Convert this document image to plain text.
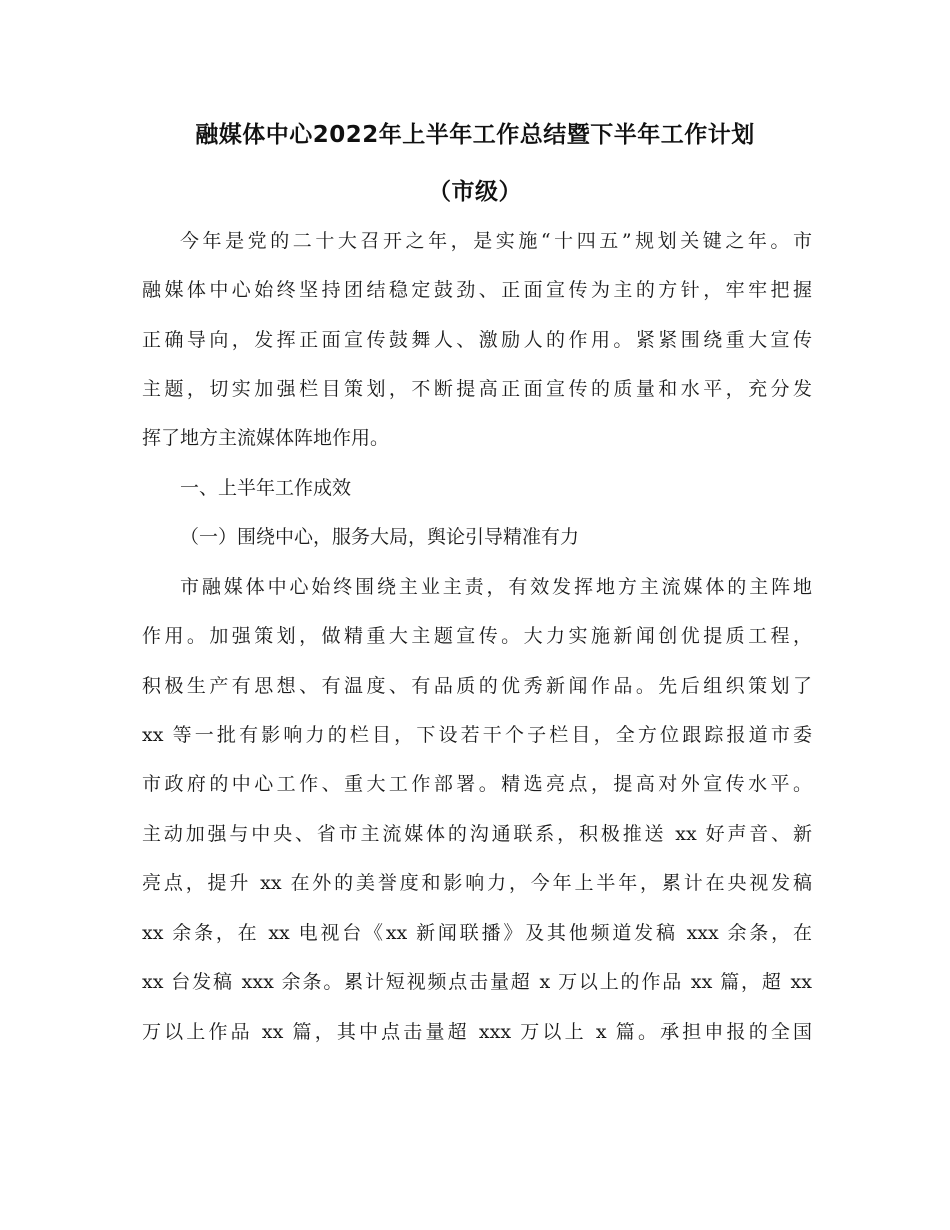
融媒体中心2022年上半年工作总结暨下半年工作计划
（市级）
今年是党的二十大召开之年，是实施“十四五”规划关键之年。市
融媒体中心始终坚持团结稳定鼓劲、正面宣传为主的方针，牢牢把握
正确导向，发挥正面宣传鼓舞人、激励人的作用。紧紧围绕重大宣传
主题，切实加强栏目策划，不断提高正面宣传的质量和水平，充分发
挥了地方主流媒体阵地作用。
一、上半年工作成效
（一）围绕中心，服务大局，舆论引导精准有力
市融媒体中心始终围绕主业主责，有效发挥地方主流媒体的主阵地
作用。加强策划，做精重大主题宣传。大力实施新闻创优提质工程，
积极生产有思想、有温度、有品质的优秀新闻作品。先后组织策划了
xx 等一批有影响力的栏目，下设若干个子栏目，全方位跟踪报道市委
市政府的中心工作、重大工作部署。精选亮点，提高对外宣传水平。
主动加强与中央、省市主流媒体的沟通联系，积极推送 xx 好声音、新
亮点，提升 xx 在外的美誉度和影响力，今年上半年，累计在央视发稿
xx 余条，在 xx 电视台《xx 新闻联播》及其他频道发稿 xxx 余条，在
xx 台发稿 xxx 余条。累计短视频点击量超 x 万以上的作品 xx 篇，超 xx
万以上作品 xx 篇，其中点击量超 xxx 万以上 x 篇。承担申报的全国
